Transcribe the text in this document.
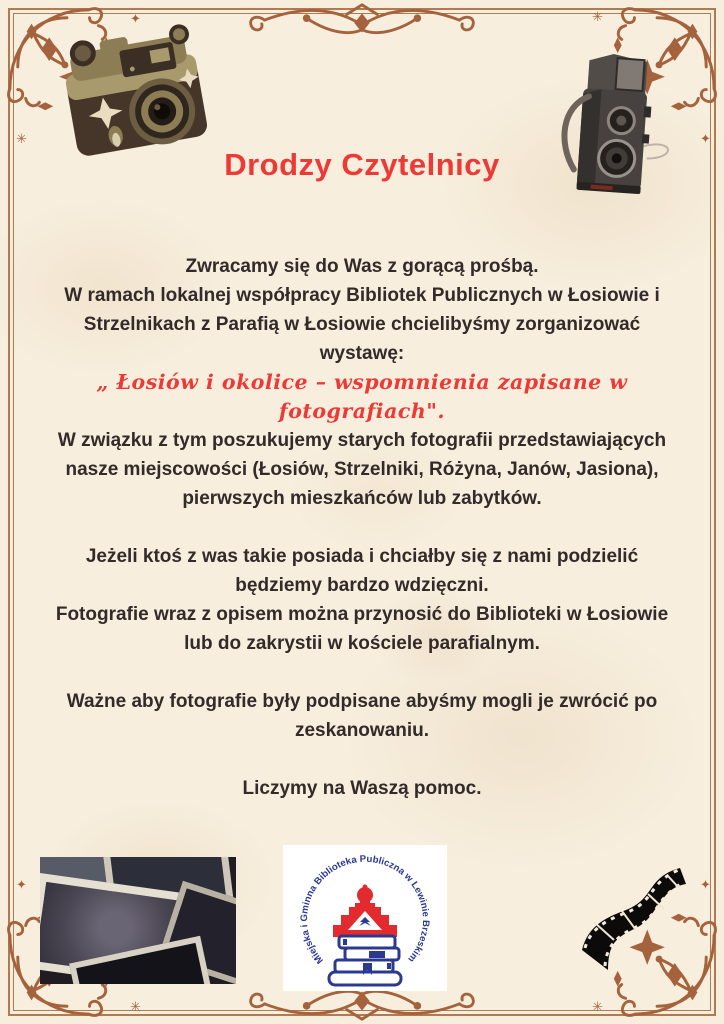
✳
✦	✳
✦
✦
✳	✳
✦
Drodzy Czytelnicy

Zwracamy się do Was z gorącą prośbą.

W ramach lokalnej współpracy Bibliotek Publicznych w Łosiowie i Strzelnikach z Parafią w Łosiowie chcielibyśmy zorganizować wystawę:

„ Łosiów i okolice – wspomnienia zapisane w fotografiach".

W związku z tym poszukujemy starych fotografii przedstawiających nasze miejscowości (Łosiów, Strzelniki, Różyna, Janów, Jasiona), pierwszych mieszkańców lub zabytków.

Jeżeli ktoś z was takie posiada i chciałby się z nami podzielić będziemy bardzo wdzięczni.

Fotografie wraz z opisem można przynosić do Biblioteki w Łosiowie lub do zakrystii w kościele parafialnym.

Ważne aby fotografie były podpisane abyśmy mogli je zwrócić po zeskanowaniu.

Liczymy na Waszą pomoc.

Miejska i Gminna Biblioteka Publiczna w Lewinie Brzeskim
